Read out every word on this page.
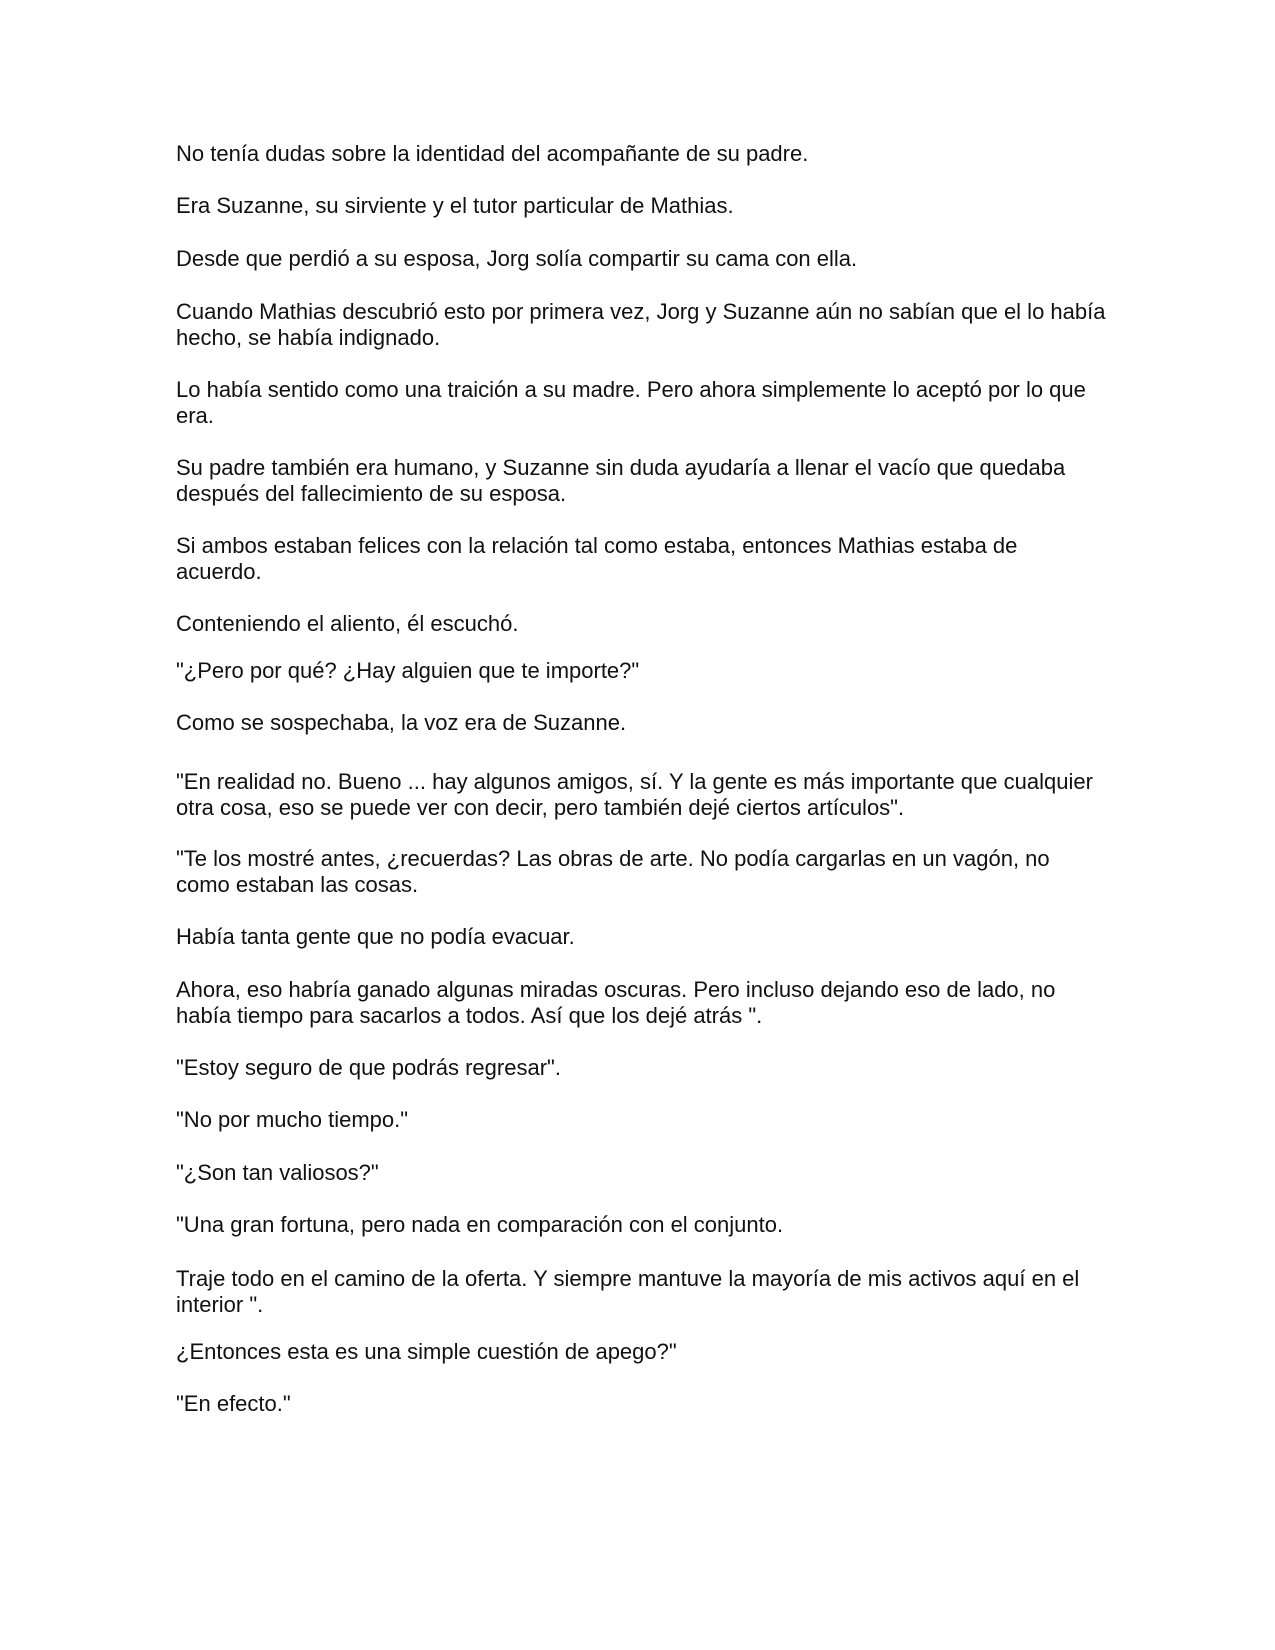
No tenía dudas sobre la identidad del acompañante de su padre.

Era Suzanne, su sirviente y el tutor particular de Mathias.

Desde que perdió a su esposa, Jorg solía compartir su cama con ella.

Cuando Mathias descubrió esto por primera vez, Jorg y Suzanne aún no sabían que el lo había hecho, se había indignado.

Lo había sentido como una traición a su madre. Pero ahora simplemente lo aceptó por lo que era.

Su padre también era humano, y Suzanne sin duda ayudaría a llenar el vacío que quedaba después del fallecimiento de su esposa.

Si ambos estaban felices con la relación tal como estaba, entonces Mathias estaba de acuerdo.

Conteniendo el aliento, él escuchó.

"¿Pero por qué? ¿Hay alguien que te importe?"

Como se sospechaba, la voz era de Suzanne.

"En realidad no. Bueno ... hay algunos amigos, sí. Y la gente es más importante que cualquier otra cosa, eso se puede ver con decir, pero también dejé ciertos artículos".

"Te los mostré antes, ¿recuerdas? Las obras de arte. No podía cargarlas en un vagón, no como estaban las cosas.

Había tanta gente que no podía evacuar.

Ahora, eso habría ganado algunas miradas oscuras. Pero incluso dejando eso de lado, no había tiempo para sacarlos a todos. Así que los dejé atrás ".

"Estoy seguro de que podrás regresar".

"No por mucho tiempo."

"¿Son tan valiosos?"

"Una gran fortuna, pero nada en comparación con el conjunto.

Traje todo en el camino de la oferta. Y siempre mantuve la mayoría de mis activos aquí en el interior ".

¿Entonces esta es una simple cuestión de apego?"

"En efecto."
